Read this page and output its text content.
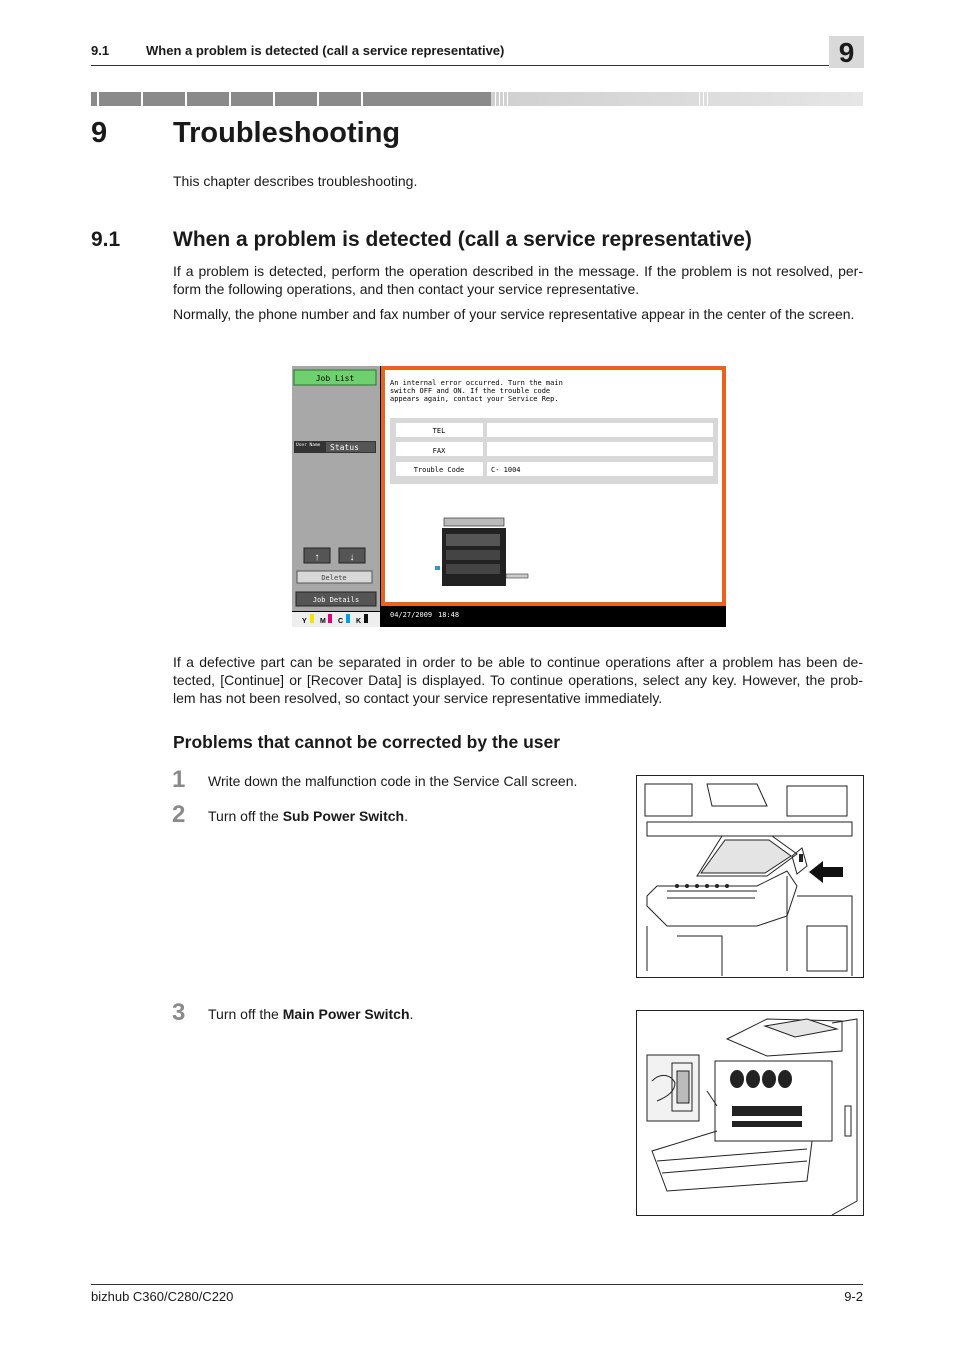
9.1	When a problem is detected (call a service representative)	9
9 Troubleshooting
This chapter describes troubleshooting.
9.1	When a problem is detected (call a service representative)
If a problem is detected, perform the operation described in the message. If the problem is not resolved, per-form the following operations, and then contact your service representative.
Normally, the phone number and fax number of your service representative appear in the center of the screen.
Job List
User Name Status
↑	↓
Delete
Job Details
Y M C K
An internal error occurred. Turn the main switch OFF and ON. If the trouble code appears again, contact your Service Rep.
TEL
FAX
Trouble Code	C- 1004
04/27/2009 18:48
If a defective part can be separated in order to be able to continue operations after a problem has been de-tected, [Continue] or [Recover Data] is displayed. To continue operations, select any key. However, the prob-lem has not been resolved, so contact your service representative immediately.
Problems that cannot be corrected by the user
1 Write down the malfunction code in the Service Call screen.
2 Turn off the Sub Power Switch.
3 Turn off the Main Power Switch.
bizhub C360/C280/C220	9-2
